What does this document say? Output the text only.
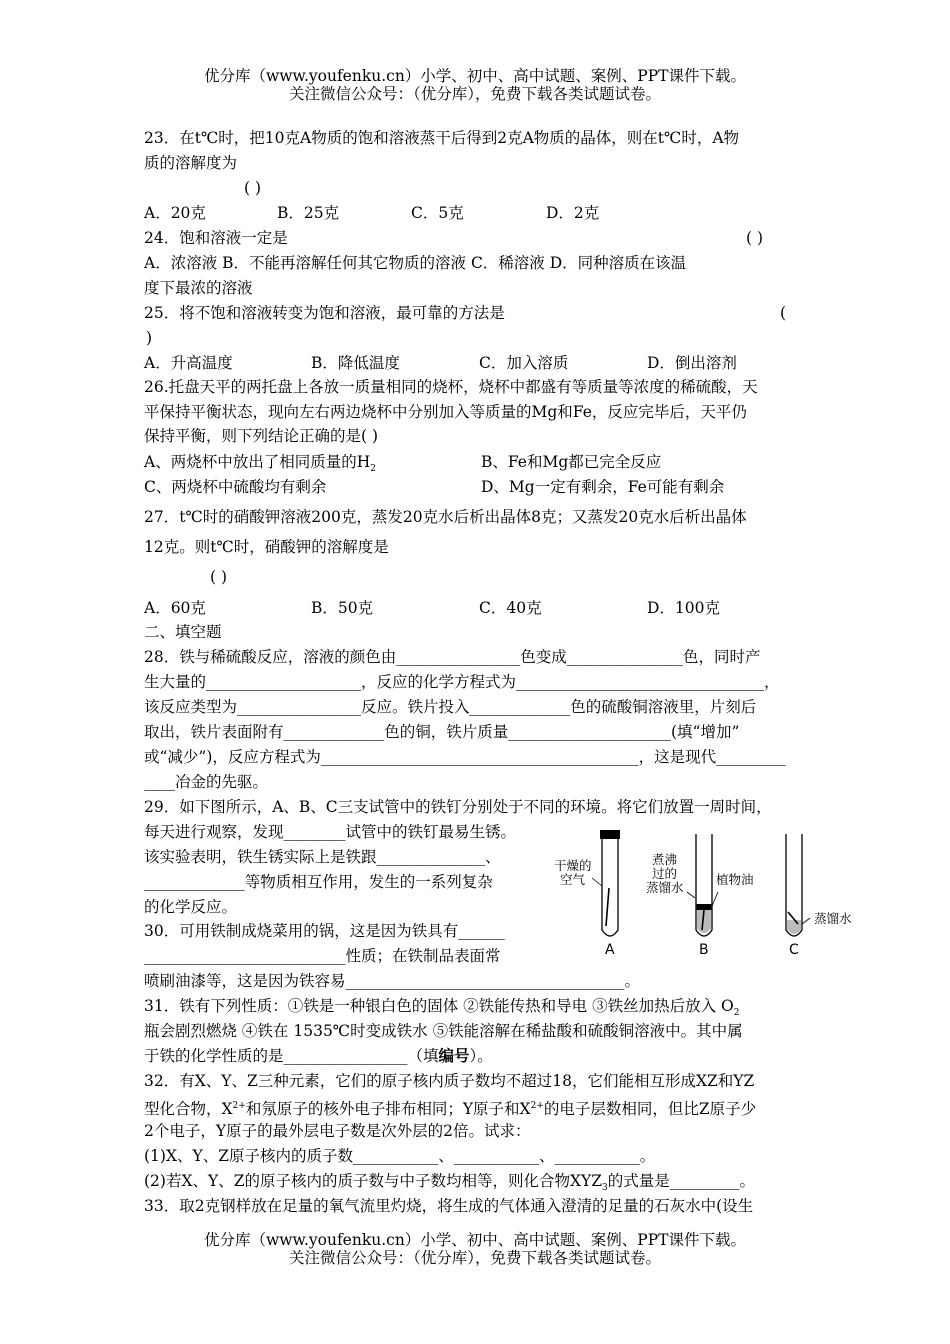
优分库（www.youfenku.cn）小学、初中、高中试题、案例、PPT课件下载。
关注微信公众号：（优分库），免费下载各类试题试卷。
23．在t℃时，把10克A物质的饱和溶液蒸干后得到2克A物质的晶体，则在t℃时，A物
质的溶解度为
( )
A．20克	B．25克	C．5克	D．2克
24．饱和溶液一定是	( )
A．浓溶液 B．不能再溶解任何其它物质的溶液 C．稀溶液 D．同种溶质在该温
度下最浓的溶液
25．将不饱和溶液转变为饱和溶液，最可靠的方法是	(
)
A．升高温度	B．降低温度	C．加入溶质	D．倒出溶剂
26.托盘天平的两托盘上各放一质量相同的烧杯，烧杯中都盛有等质量等浓度的稀硫酸，天
平保持平衡状态，现向左右两边烧杯中分别加入等质量的Mg和Fe，反应完毕后，天平仍
保持平衡，则下列结论正确的是( )
A、两烧杯中放出了相同质量的$H_2$	B、Fe和Mg都已完全反应
C、两烧杯中硫酸均有剩余	D、Mg一定有剩余，Fe可能有剩余
27．t℃时的硝酸钾溶液200克，蒸发20克水后析出晶体8克；又蒸发20克水后析出晶体
12克。则t℃时，硝酸钾的溶解度是
( )
A．60克	B．50克	C．40克	D．100克
二、填空题
28．铁与稀硫酸反应，溶液的颜色由________________色变成_______________色，同时产
生大量的____________________，反应的化学方程式为________________________________，
该反应类型为________________反应。铁片投入_____________色的硫酸铜溶液里，片刻后
取出，铁片表面附有_____________色的铜，铁片质量_____________________(填“增加”
或“减少”)，反应方程式为_________________________________________，这是现代_________
____冶金的先驱。
29．如下图所示，A、B、C三支试管中的铁钉分别处于不同的环境。将它们放置一周时间，
每天进行观察，发现________试管中的铁钉最易生锈。
该实验表明，铁生锈实际上是铁跟______________、
_____________等物质相互作用，发生的一系列复杂
的化学反应。
干燥的
空气
A
煮沸
过的
蒸馏水
植物油
B	C
蒸馏水
30．可用铁制成烧菜用的锅，这是因为铁具有______
__________________________性质；在铁制品表面常
喷刷油漆等，这是因为铁容易____________________________________。
31．铁有下列性质：①铁是一种银白色的固体 ②铁能传热和导电 ③铁丝加热后放入 $O_2$
瓶会剧烈燃烧 ④铁在 1535℃时变成铁水 ⑤铁能溶解在稀盐酸和硫酸铜溶液中。其中属
于铁的化学性质的是________________（填编号）。
32．有X、Y、Z三种元素，它们的原子核内质子数均不超过18，它们能相互形成XZ和YZ
型化合物，$X^{2+}$和氖原子的核外电子排布相同；Y原子和$X^{2+}$的电子层数相同，但比Z原子少
2个电子，Y原子的最外层电子数是次外层的2倍。试求：
(1)X、Y、Z原子核内的质子数___________、___________、___________。
(2)若X、Y、Z的原子核内的质子数与中子数均相等，则化合物$XYZ_3$的式量是_________。
33．取2克钢样放在足量的氧气流里灼烧，将生成的气体通入澄清的足量的石灰水中(设生
优分库（www.youfenku.cn）小学、初中、高中试题、案例、PPT课件下载。
关注微信公众号：（优分库），免费下载各类试题试卷。
